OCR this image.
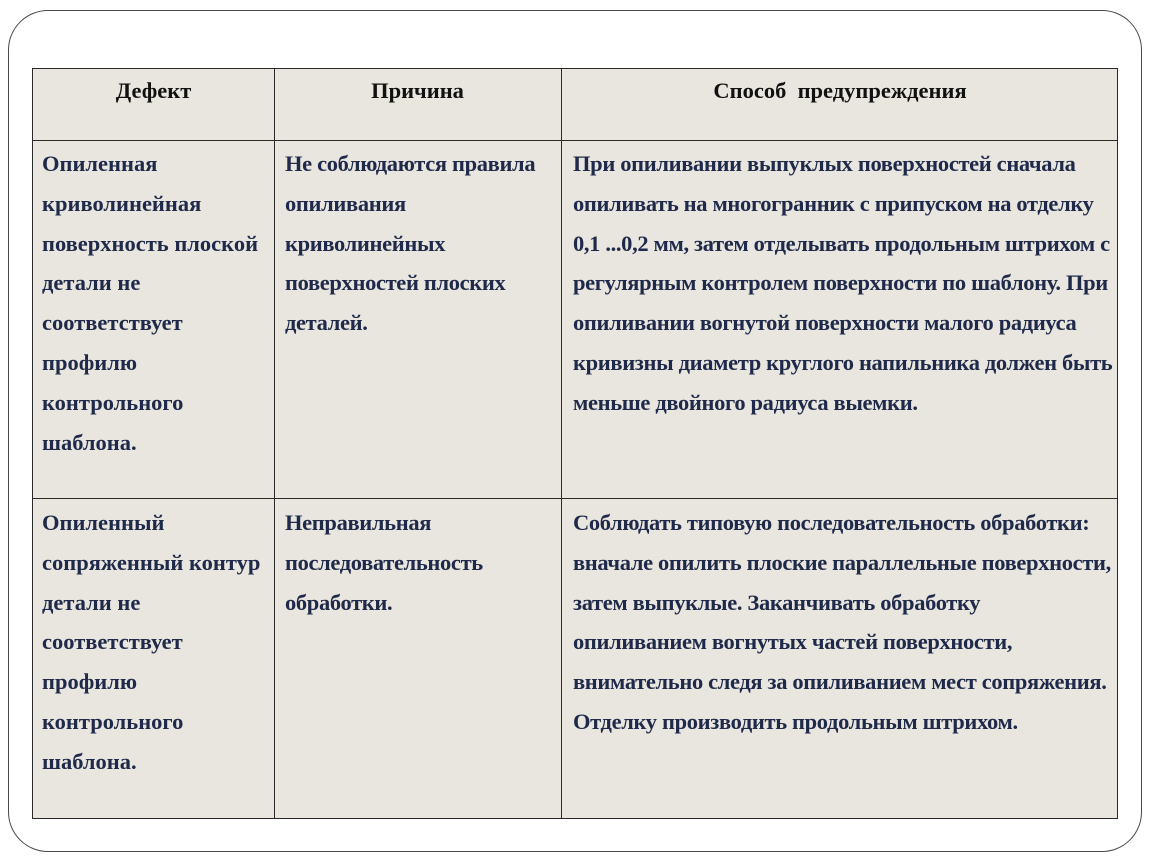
Дефект	Причина	Способ  предупреждения
Опиленная криволинейная поверхность плоской детали не соответствует профилю контрольного шаблона.
Не соблюдаются правила опиливания криволинейных поверхностей плоских деталей.
При опиливании выпуклых поверхностей сначала опиливать на многогранник с припуском на отделку 0,1 ...0,2 мм, затем отделывать продольным штрихом с регулярным контролем поверхности по шаблону. При опиливании вогнутой поверхности малого радиуса кривизны диаметр круглого напильника должен быть меньше двойного радиуса выемки.
Опиленный сопряженный контур детали не соответствует профилю контрольного шаблона.
Неправильная последовательность обработки.
Соблюдать типовую последовательность обработки: вначале опилить плоские параллельные поверхности, затем выпуклые. Заканчивать обработку опиливанием вогнутых частей поверхности, внимательно следя за опиливанием мест сопряжения. Отделку производить продольным штрихом.
